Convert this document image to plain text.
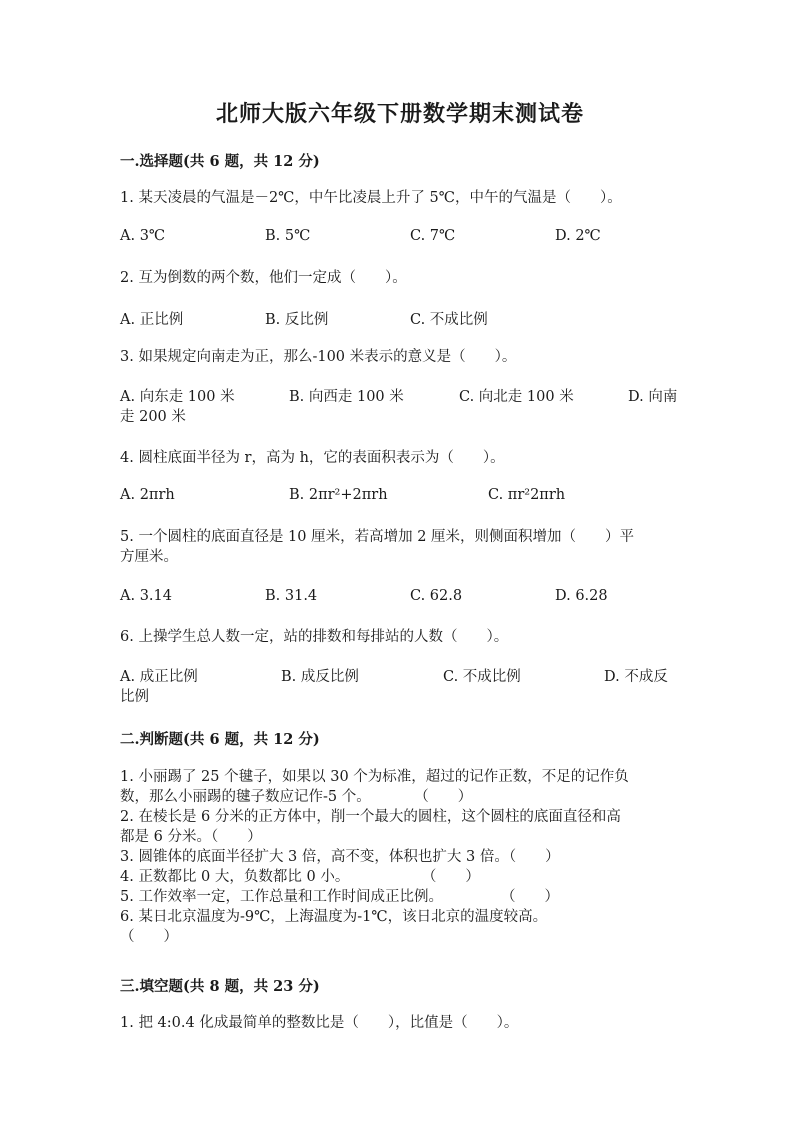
北师大版六年级下册数学期末测试卷
一.选择题(共 6 题，共 12 分)
1. 某天凌晨的气温是－2℃，中午比凌晨上升了 5℃，中午的气温是（　　）。
A. 3℃	B. 5℃	C. 7℃	D. 2℃
2. 互为倒数的两个数，他们一定成（　　）。
A. 正比例	B. 反比例	C. 不成比例
3. 如果规定向南走为正，那么-100 米表示的意义是（　　）。
A. 向东走 100 米	B. 向西走 100 米	C. 向北走 100 米	D. 向南
走 200 米
4. 圆柱底面半径为 r，高为 h，它的表面积表示为（　　）。
A. 2πrh	B. 2πr²+2πrh	C. πr²2πrh
5. 一个圆柱的底面直径是 10 厘米，若高增加 2 厘米，则侧面积增加（　　）平
方厘米。
A. 3.14	B. 31.4	C. 62.8	D. 6.28
6. 上操学生总人数一定，站的排数和每排站的人数（　　）。
A. 成正比例	B. 成反比例	C. 不成比例	D. 不成反
比例
二.判断题(共 6 题，共 12 分)
1. 小丽踢了 25 个毽子，如果以 30 个为标准，超过的记作正数，不足的记作负
数，那么小丽踢的毽子数应记作-5 个。　　　　（　　）
2. 在棱长是 6 分米的正方体中，削一个最大的圆柱，这个圆柱的底面直径和高
都是 6 分米。（　　）
3. 圆锥体的底面半径扩大 3 倍，高不变，体积也扩大 3 倍。（　　）
4. 正数都比 0 大，负数都比 0 小。　　　　　　（　　）
5. 工作效率一定，工作总量和工作时间成正比例。　　　　　（　　）
6. 某日北京温度为-9℃，上海温度为-1℃，该日北京的温度较高。
（　　）
三.填空题(共 8 题，共 23 分)
1. 把 4:0.4 化成最简单的整数比是（　　），比值是（　　）。
